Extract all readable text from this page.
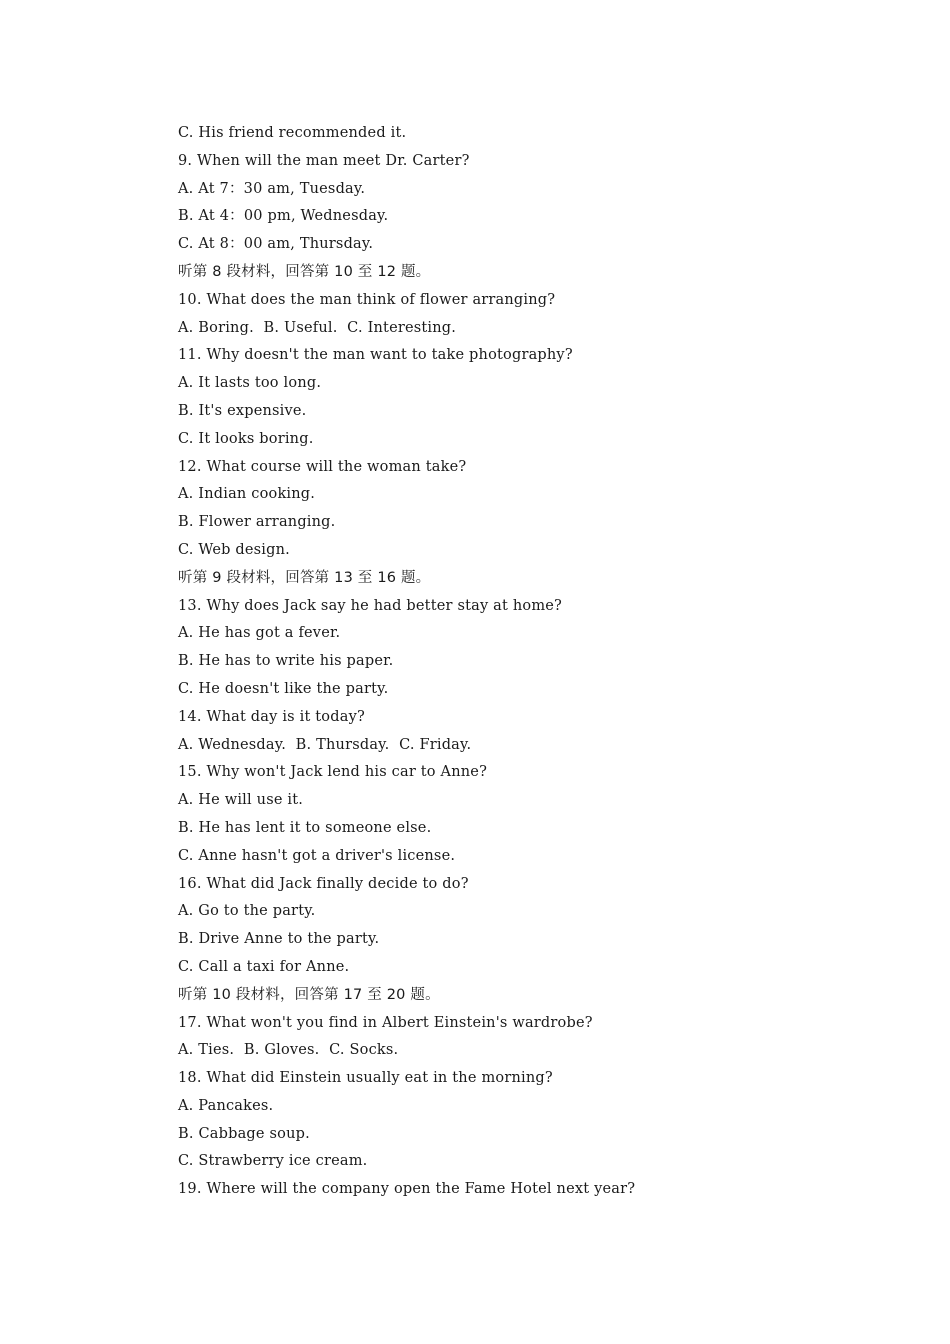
C. His friend recommended it.
9. When will the man meet Dr. Carter?
A. At 7：30 am, Tuesday.
B. At 4：00 pm, Wednesday.
C. At 8：00 am, Thursday.
听第 8 段材料，回答第 10 至 12 题。
10. What does the man think of flower arranging?
A. Boring.  B. Useful.  C. Interesting.
11. Why doesn't the man want to take photography?
A. It lasts too long.
B. It's expensive.
C. It looks boring.
12. What course will the woman take?
A. Indian cooking.
B. Flower arranging.
C. Web design.
听第 9 段材料，回答第 13 至 16 题。
13. Why does Jack say he had better stay at home?
A. He has got a fever.
B. He has to write his paper.
C. He doesn't like the party.
14. What day is it today?
A. Wednesday.  B. Thursday.  C. Friday.
15. Why won't Jack lend his car to Anne?
A. He will use it.
B. He has lent it to someone else.
C. Anne hasn't got a driver's license.
16. What did Jack finally decide to do?
A. Go to the party.
B. Drive Anne to the party.
C. Call a taxi for Anne.
听第 10 段材料，回答第 17 至 20 题。
17. What won't you find in Albert Einstein's wardrobe?
A. Ties.  B. Gloves.  C. Socks.
18. What did Einstein usually eat in the morning?
A. Pancakes.
B. Cabbage soup.
C. Strawberry ice cream.
19. Where will the company open the Fame Hotel next year?
